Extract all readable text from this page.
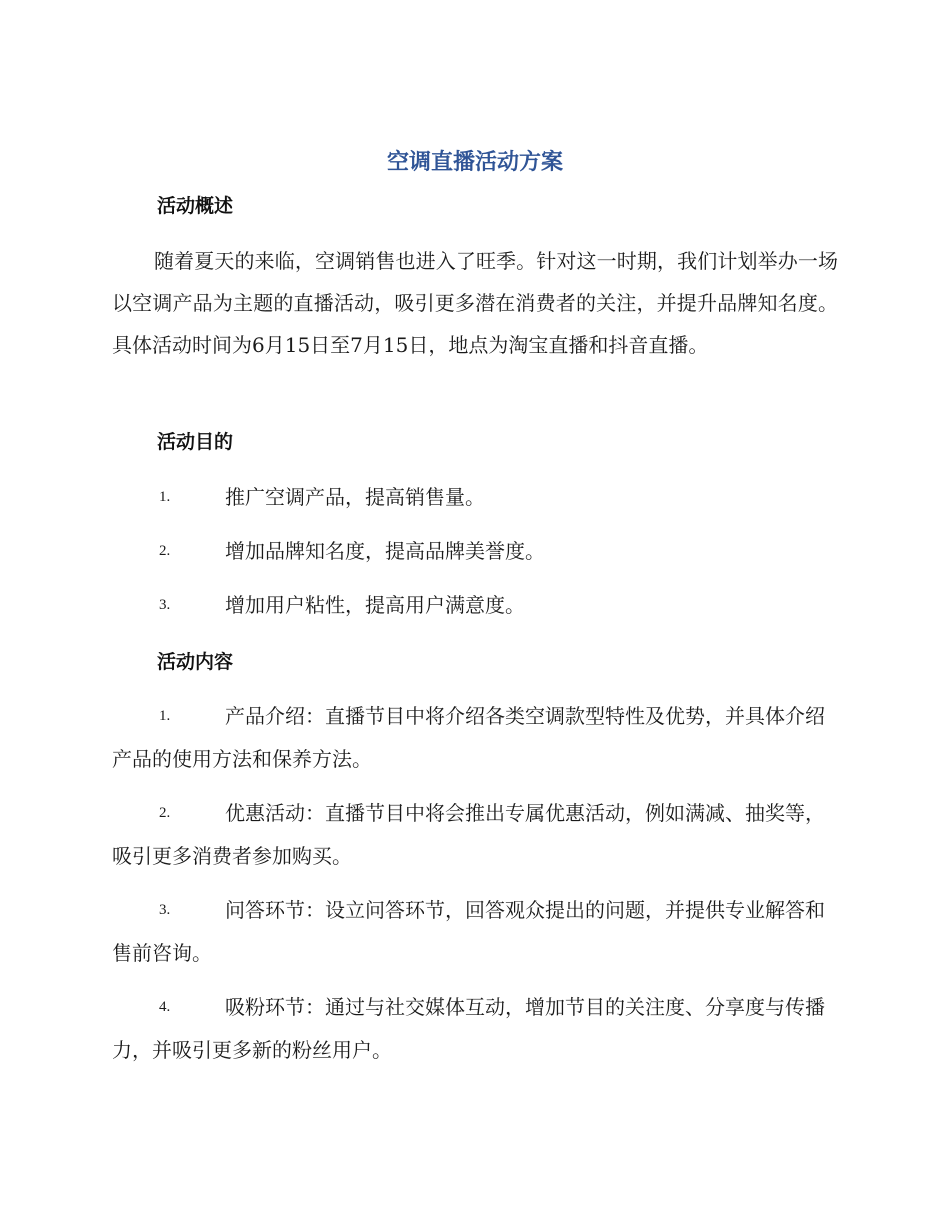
空调直播活动方案
活动概述
随着夏天的来临，空调销售也进入了旺季。针对这一时期，我们计划举办一场以空调产品为主题的直播活动，吸引更多潜在消费者的关注，并提升品牌知名度。具体活动时间为6月15日至7月15日，地点为淘宝直播和抖音直播。
活动目的
1.	推广空调产品，提高销售量。
2.	增加品牌知名度，提高品牌美誉度。
3.	增加用户粘性，提高用户满意度。
活动内容
1.	产品介绍：直播节目中将介绍各类空调款型特性及优势，并具体介绍产品的使用方法和保养方法。
2.	优惠活动：直播节目中将会推出专属优惠活动，例如满减、抽奖等，吸引更多消费者参加购买。
3.	问答环节：设立问答环节，回答观众提出的问题，并提供专业解答和售前咨询。
4.	吸粉环节：通过与社交媒体互动，增加节目的关注度、分享度与传播力，并吸引更多新的粉丝用户。
